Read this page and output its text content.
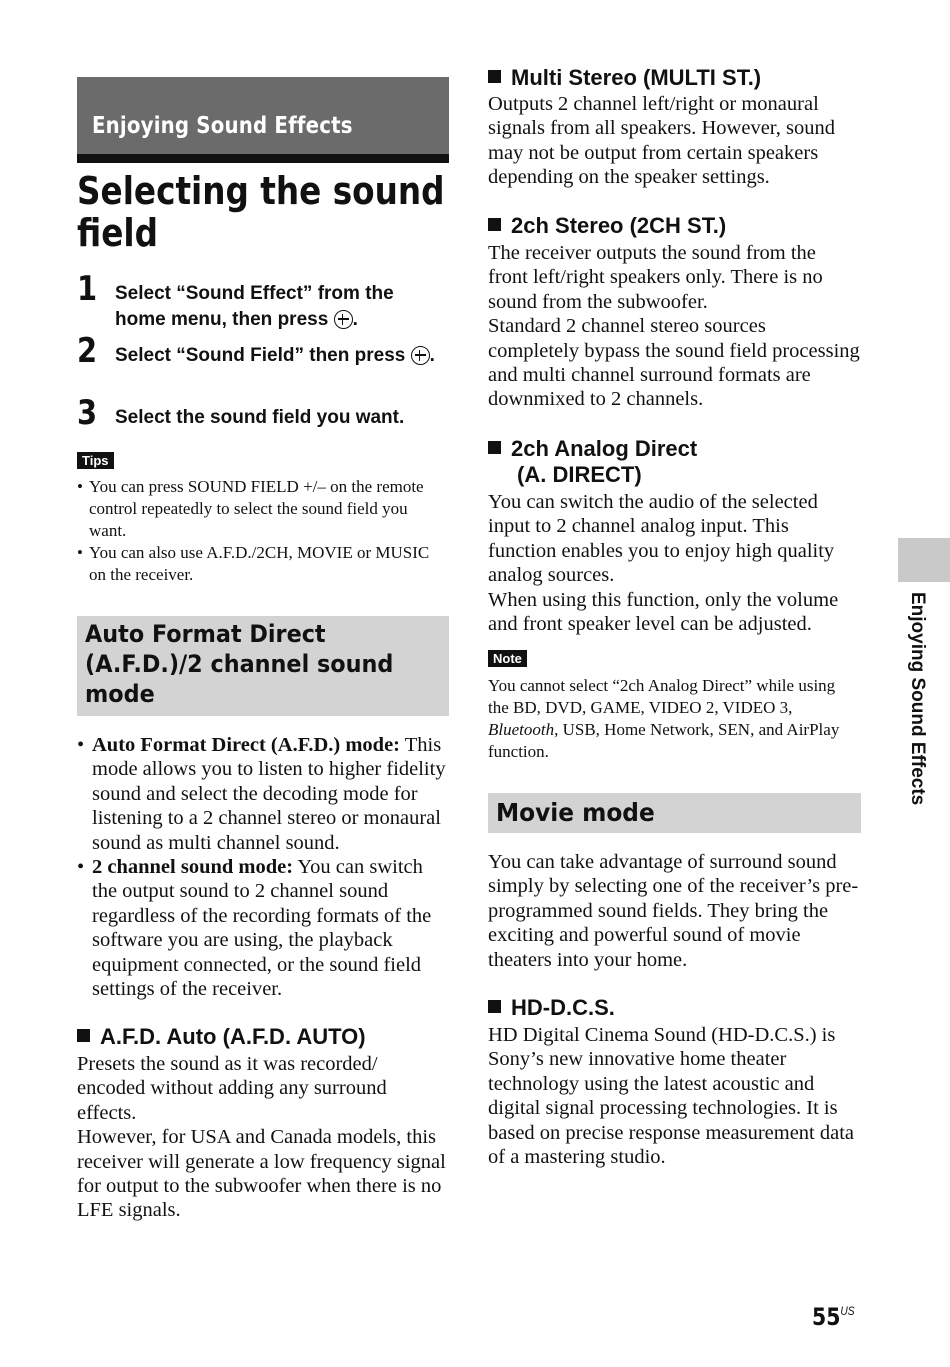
Enjoying Sound Effects
Selecting the sound field
1 Select “Sound Effect” from the home menu, then press .
2 Select “Sound Field” then press .
3 Select the sound field you want.
Tips
• You can press SOUND FIELD +/– on the remote control repeatedly to select the sound field you want.
• You can also use A.F.D./2CH, MOVIE or MUSIC on the receiver.
Auto Format Direct (A.F.D.)/2 channel sound mode
• Auto Format Direct (A.F.D.) mode: This mode allows you to listen to higher fidelity sound and select the decoding mode for listening to a 2 channel stereo or monaural sound as multi channel sound.
• 2 channel sound mode: You can switch the output sound to 2 channel sound regardless of the recording formats of the software you are using, the playback equipment connected, or the sound field settings of the receiver.
A.F.D. Auto (A.F.D. AUTO)
Presets the sound as it was recorded/ encoded without adding any surround effects.
However, for USA and Canada models, this receiver will generate a low frequency signal for output to the subwoofer when there is no LFE signals.
Multi Stereo (MULTI ST.)
Outputs 2 channel left/right or monaural signals from all speakers. However, sound may not be output from certain speakers depending on the speaker settings.
2ch Stereo (2CH ST.)
The receiver outputs the sound from the front left/right speakers only. There is no sound from the subwoofer.
Standard 2 channel stereo sources completely bypass the sound field processing and multi channel surround formats are downmixed to 2 channels.
2ch Analog Direct
(A. DIRECT)
You can switch the audio of the selected input to 2 channel analog input. This function enables you to enjoy high quality analog sources.
When using this function, only the volume and front speaker level can be adjusted.
Note
You cannot select “2ch Analog Direct” while using the BD, DVD, GAME, VIDEO 2, VIDEO 3, Bluetooth, USB, Home Network, SEN, and AirPlay function.
Movie mode
You can take advantage of surround sound simply by selecting one of the receiver’s pre-programmed sound fields. They bring the exciting and powerful sound of movie theaters into your home.
HD-D.C.S.
HD Digital Cinema Sound (HD-D.C.S.) is Sony’s new innovative home theater technology using the latest acoustic and digital signal processing technologies. It is based on precise response measurement data of a mastering studio.
Enjoying Sound Effects
$55^{US}$
